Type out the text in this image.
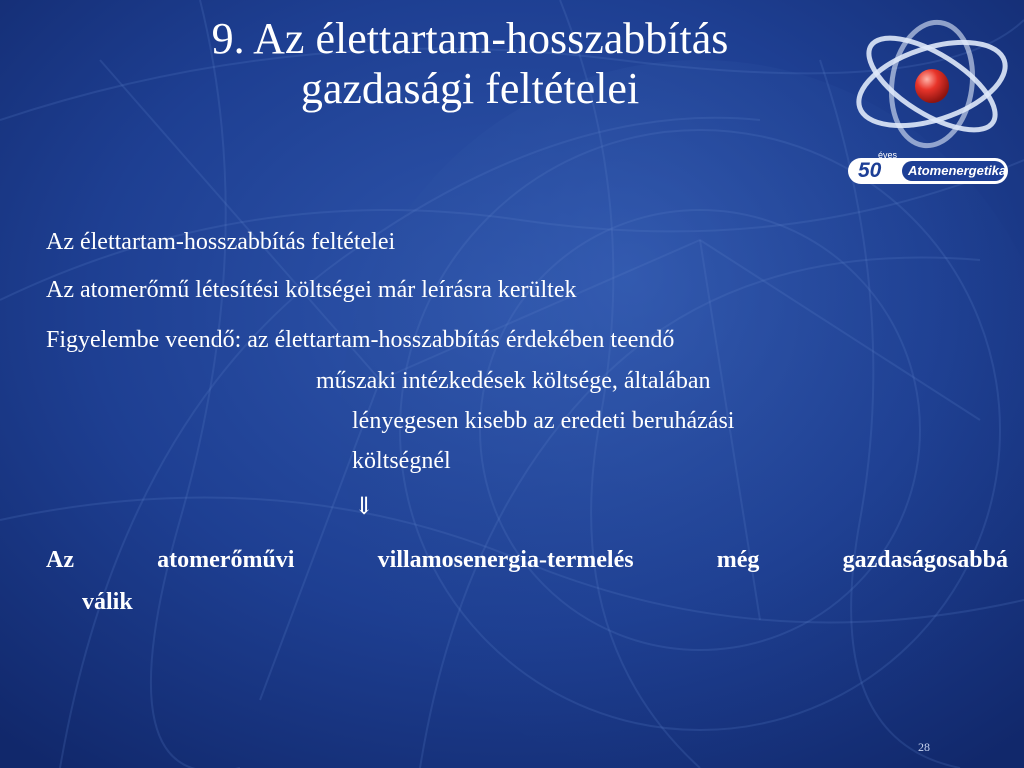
9. Az élettartam-hosszabbítás
gazdasági feltételei
éves
50 Atomenergetika
Az élettartam-hosszabbítás feltételei
Az atomerőmű létesítési költségei már leírásra kerültek
Figyelembe veendő: az élettartam-hosszabbítás érdekében teendő
műszaki intézkedések költsége, általában
lényegesen kisebb az eredeti beruházási
költségnél
⇓
Az	atomerőművi	villamosenergia-termelés	még	gazdaságosabbá
válik
28
